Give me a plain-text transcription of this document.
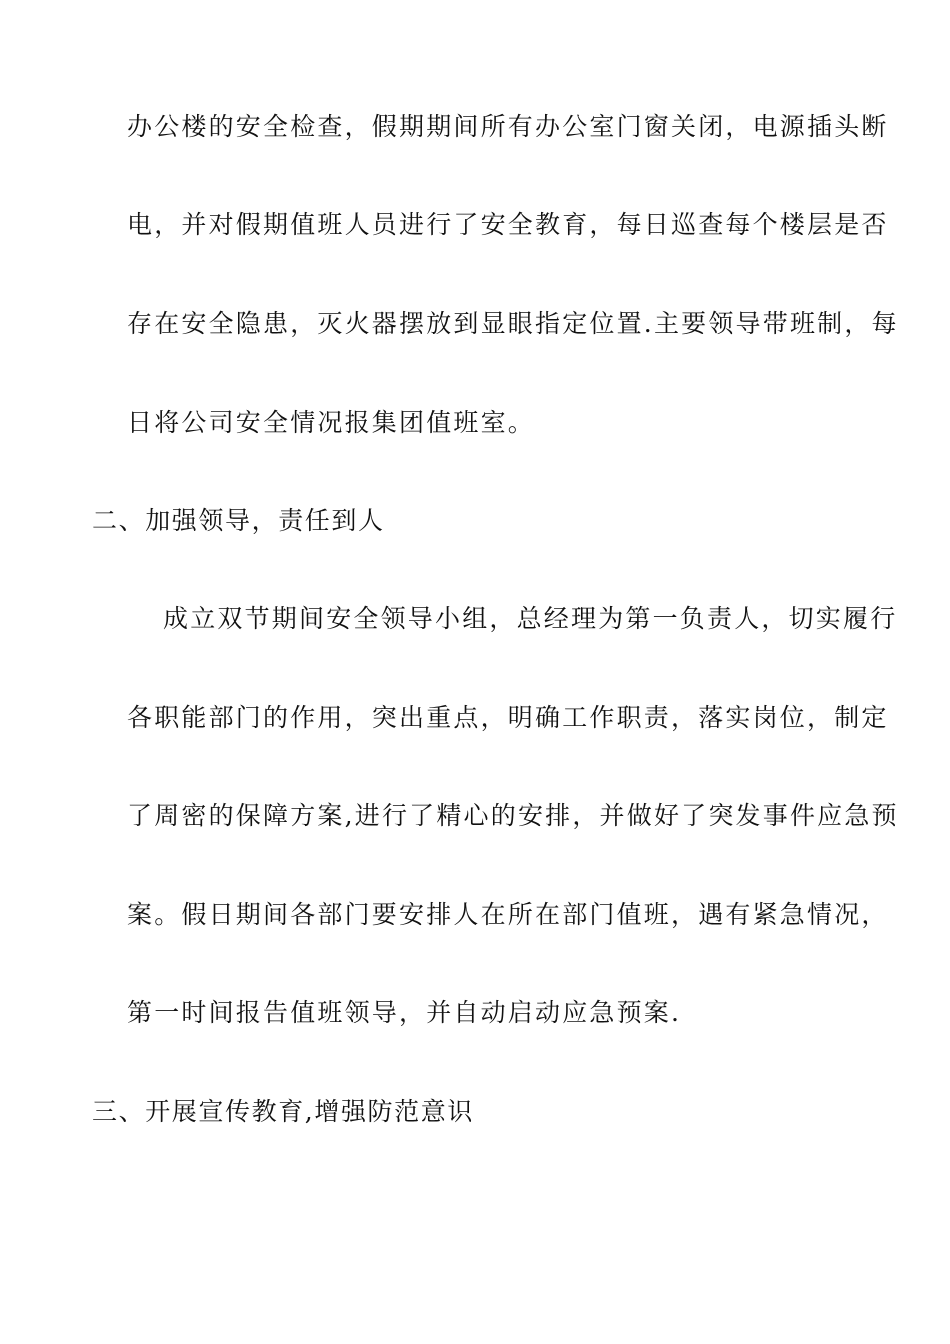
办公楼的安全检查，假期期间所有办公室门窗关闭，电源插头断
电，并对假期值班人员进行了安全教育，每日巡查每个楼层是否
存在安全隐患，灭火器摆放到显眼指定位置.主要领导带班制，每
日将公司安全情况报集团值班室。
二、加强领导，责任到人
成立双节期间安全领导小组，总经理为第一负责人，切实履行
各职能部门的作用，突出重点，明确工作职责，落实岗位，制定
了周密的保障方案,进行了精心的安排，并做好了突发事件应急预
案。假日期间各部门要安排人在所在部门值班，遇有紧急情况，
第一时间报告值班领导，并自动启动应急预案.
三、开展宣传教育,增强防范意识
